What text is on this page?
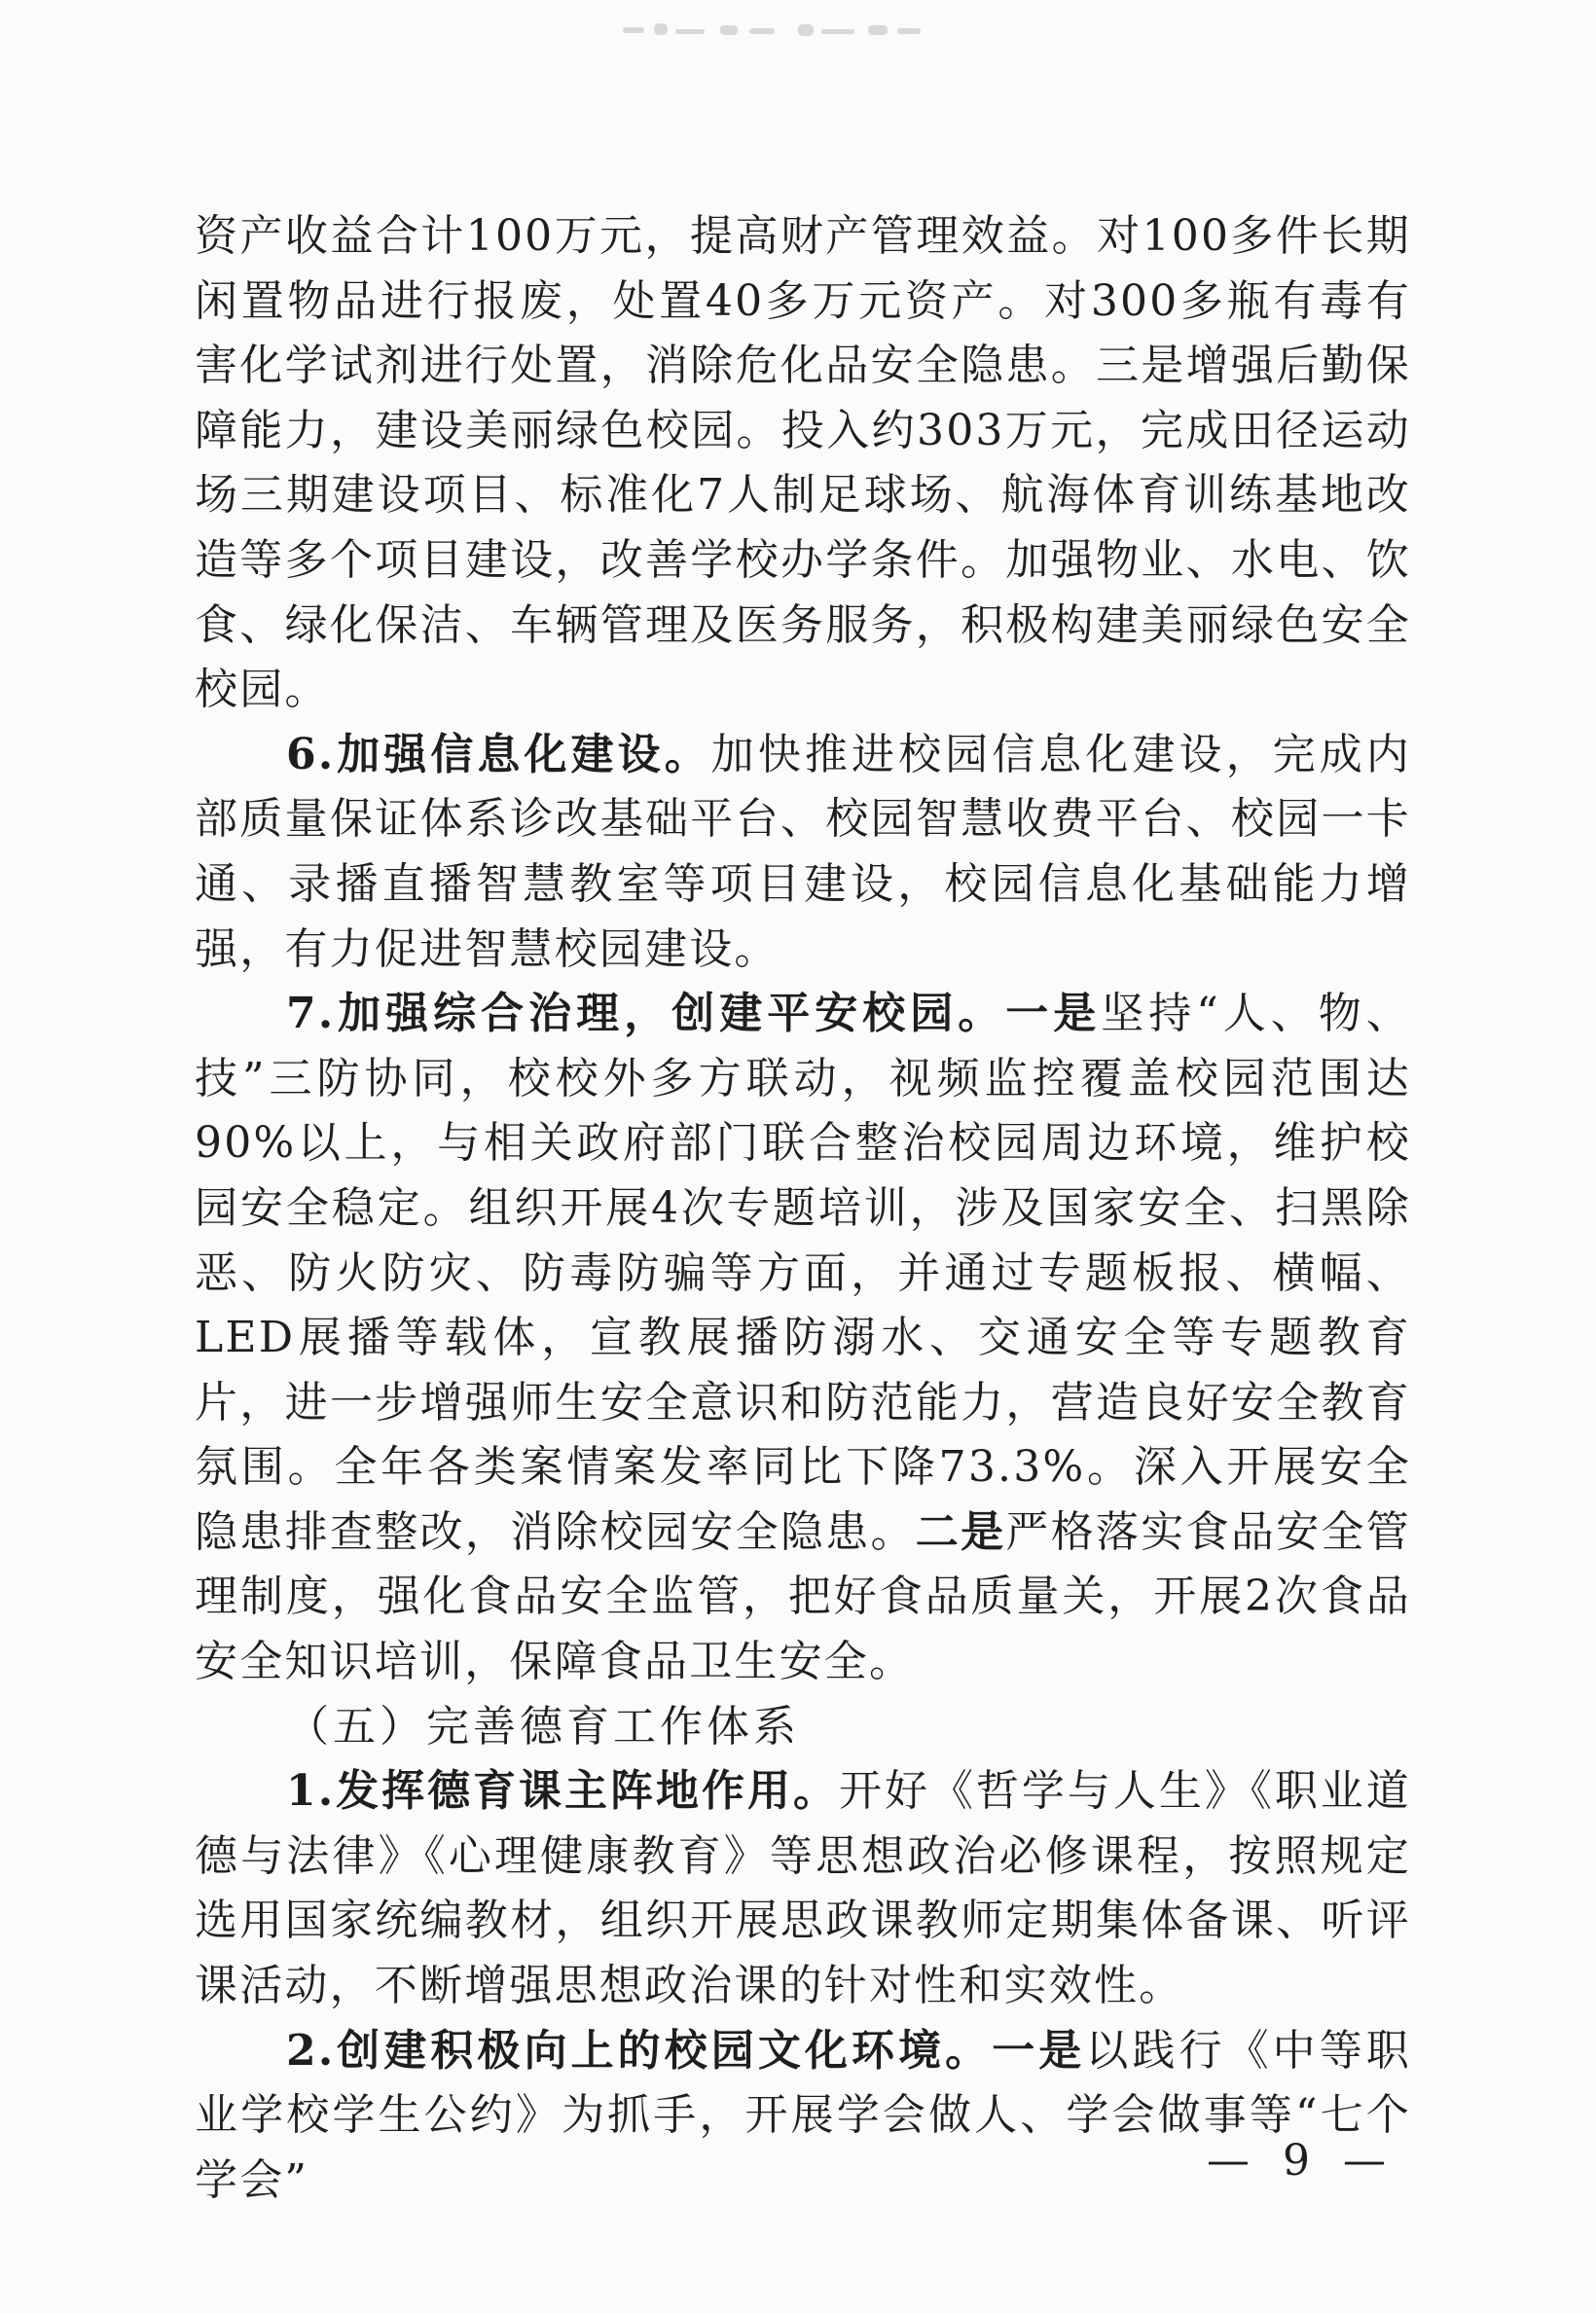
资产收益合计100万元，提高财产管理效益。对100多件长期闲置物品进行报废，处置40多万元资产。对300多瓶有毒有害化学试剂进行处置，消除危化品安全隐患。三是增强后勤保障能力，建设美丽绿色校园。投入约303万元，完成田径运动场三期建设项目、标准化7人制足球场、航海体育训练基地改造等多个项目建设，改善学校办学条件。加强物业、水电、饮食、绿化保洁、车辆管理及医务服务，积极构建美丽绿色安全校园。

6.加强信息化建设。加快推进校园信息化建设，完成内部质量保证体系诊改基础平台、校园智慧收费平台、校园一卡通、录播直播智慧教室等项目建设，校园信息化基础能力增强，有力促进智慧校园建设。

7.加强综合治理，创建平安校园。一是坚持“人、物、技”三防协同，校校外多方联动，视频监控覆盖校园范围达90%以上，与相关政府部门联合整治校园周边环境，维护校园安全稳定。组织开展4次专题培训，涉及国家安全、扫黑除恶、防火防灾、防毒防骗等方面，并通过专题板报、横幅、LED展播等载体，宣教展播防溺水、交通安全等专题教育片，进一步增强师生安全意识和防范能力，营造良好安全教育氛围。全年各类案情案发率同比下降73.3%。深入开展安全隐患排查整改，消除校园安全隐患。二是严格落实食品安全管理制度，强化食品安全监管，把好食品质量关，开展2次食品安全知识培训，保障食品卫生安全。

（五）完善德育工作体系

1.发挥德育课主阵地作用。开好《哲学与人生》《职业道德与法律》《心理健康教育》等思想政治必修课程，按照规定选用国家统编教材，组织开展思政课教师定期集体备课、听评课活动，不断增强思想政治课的针对性和实效性。

2.创建积极向上的校园文化环境。一是以践行《中等职业学校学生公约》为抓手，开展学会做人、学会做事等“七个学会”	— 9 —
